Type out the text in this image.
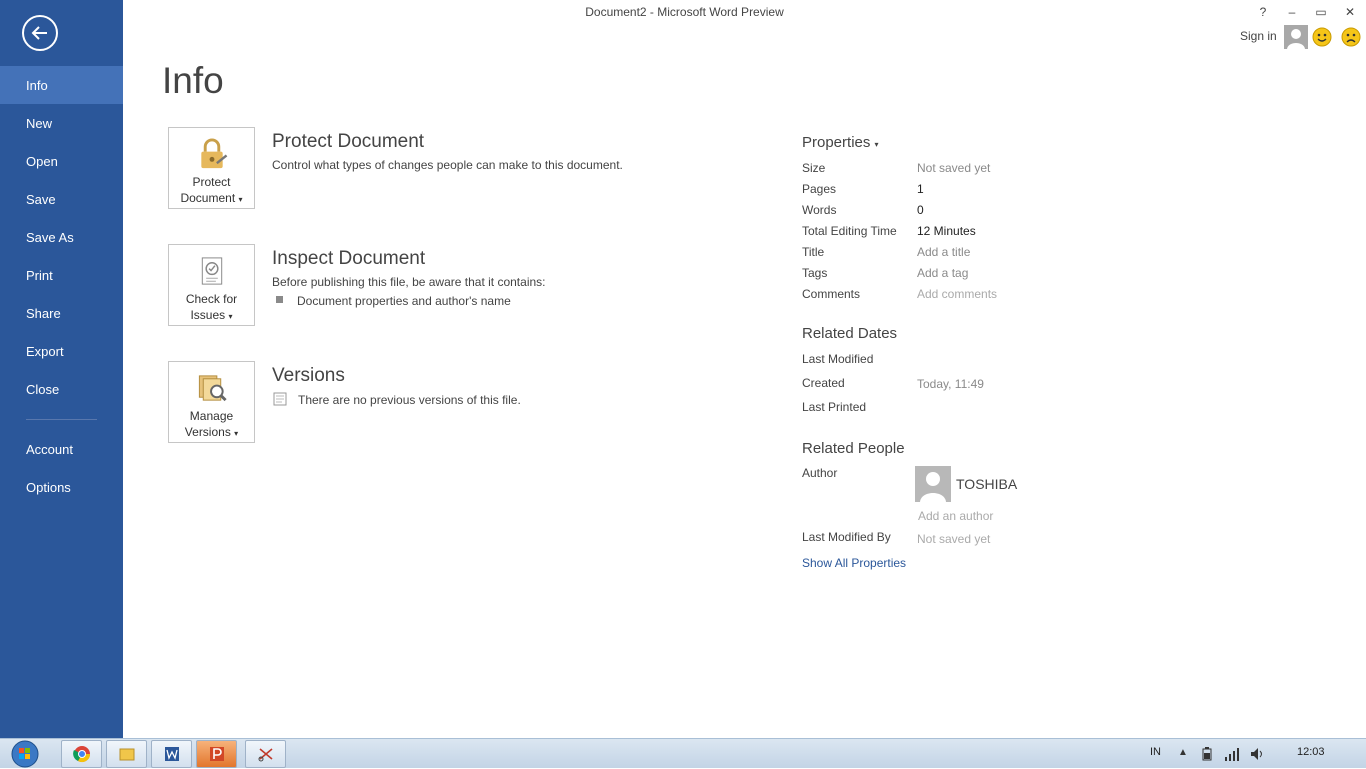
Info
New
Open
Save
Save As
Print
Share
Export
Close
Account
Options
Document2 - Microsoft Word Preview	?	–	▭	✕
Sign in
Info
Protect
Document ▾
Protect Document
Control what types of changes people can make to this document.
Check for
Issues ▾
Inspect Document
Before publishing this file, be aware that it contains:
Document properties and author's name
Manage
Versions ▾
Versions
There are no previous versions of this file.
Properties ▾
Size	Not saved yet
Pages	1
Words	0
Total Editing Time 12 Minutes
Title	Add a title
Tags	Add a tag
Comments	Add comments
Related Dates
Last Modified
Created	Today, 11:49
Last Printed
Related People
Author
TOSHIBA
Add an author
Last Modified By Not saved yet
Show All Properties
IN ▲	12:03
